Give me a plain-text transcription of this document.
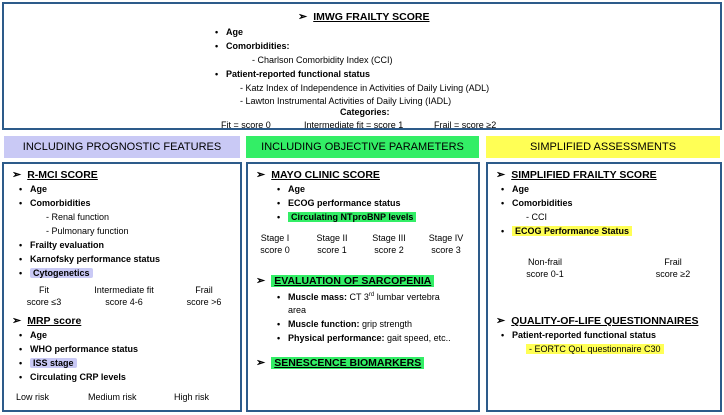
➢ IMWG FRAILTY SCORE
• Age
• Comorbidities:
- Charlson Comorbidity Index (CCI)
• Patient-reported functional status
- Katz Index of Independence in Activities of Daily Living (ADL)
- Lawton Instrumental Activities of Daily Living (IADL)
Categories:
Fit = score 0	Intermediate fit = score 1	Frail = score ≥2
INCLUDING PROGNOSTIC FEATURES	INCLUDING OBJECTIVE PARAMETERS	SIMPLIFIED ASSESSMENTS
➢ R-MCI SCORE
• Age
• Comorbidities
- Renal function
- Pulmonary function
• Frailty evaluation
• Karnofsky performance status
• Cytogenetics
Fit
score ≤3
Intermediate fit
score 4-6
Frail
score >6
➢ MRP score
• Age
• WHO performance status
• ISS stage
• Circulating CRP levels
Low risk	Medium risk	High risk
➢ MAYO CLINIC SCORE
• Age
• ECOG performance status
• Circulating NTproBNP levels
Stage I
score 0
Stage II
score 1
Stage III
score 2
Stage IV
score 3
➢ EVALUATION OF SARCOPENIA
• Muscle mass: CT 3rd lumbar vertebra
area
• Muscle function: grip strength
• Physical performance: gait speed, etc..
➢ SENESCENCE BIOMARKERS
➢ SIMPLIFIED FRAILTY SCORE
• Age
• Comorbidities
- CCI
• ECOG Performance Status
Non-frail
score 0-1
Frail
score ≥2
➢ QUALITY-OF-LIFE QUESTIONNAIRES
• Patient-reported functional status
- EORTC QoL questionnaire C30
